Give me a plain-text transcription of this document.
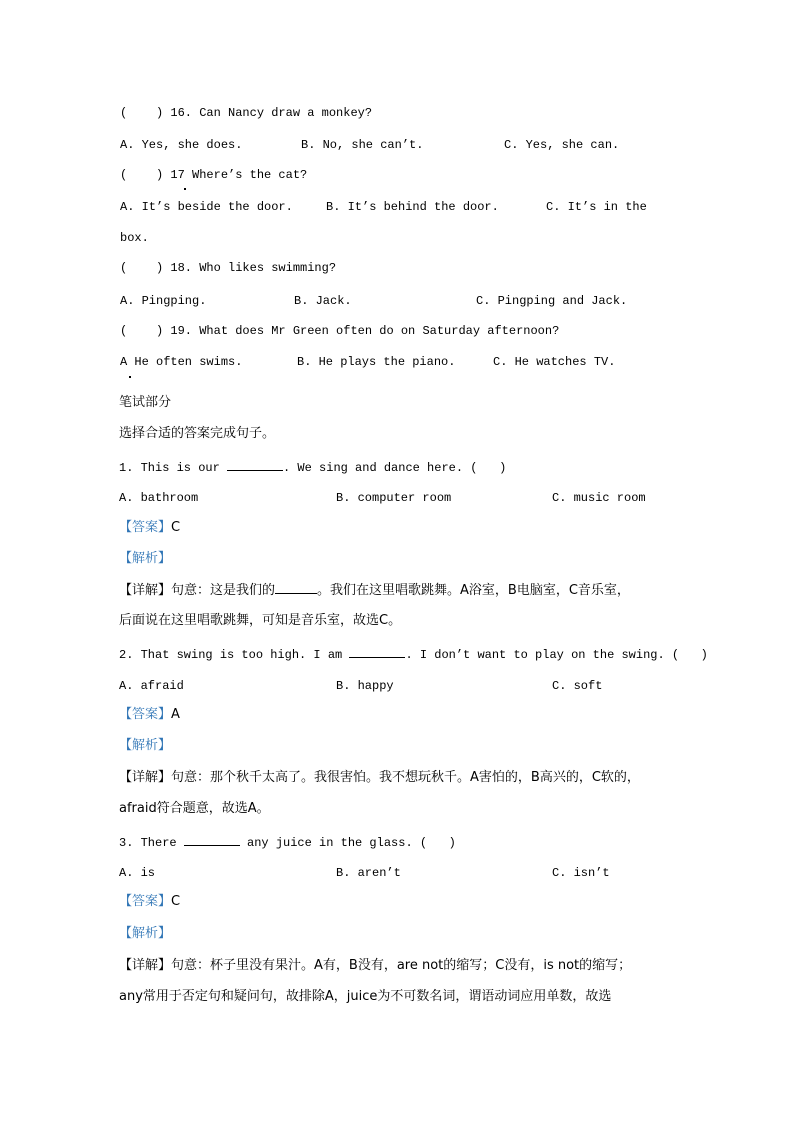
(    ) 16. Can Nancy draw a monkey?
A. Yes, she does.	B. No, she can’t.	C. Yes, she can.
(    ) 17 Where’s the cat?
A. It’s beside the door.	B. It’s behind the door.	C. It’s in the
box.
(    ) 18. Who likes swimming?
A. Pingping.	B. Jack.	C. Pingping and Jack.
(    ) 19. What does Mr Green often do on Saturday afternoon?
A He often swims.	B. He plays the piano.	C. He watches TV.
笔试部分
选择合适的答案完成句子。
1. This is our	. We sing and dance here. (   )
A. bathroom	B. computer room	C. music room
【答案】C
【解析】
【详解】句意：这是我们的	。我们在这里唱歌跳舞。A浴室，B电脑室，C音乐室，
后面说在这里唱歌跳舞，可知是音乐室，故选C。
2. That swing is too high. I am	. I don’t want to play on the swing. (   )
A. afraid	B. happy	C. soft
【答案】A
【解析】
【详解】句意：那个秋千太高了。我很害怕。我不想玩秋千。A害怕的，B高兴的，C软的，
afraid符合题意，故选A。
3. There	any juice in the glass. (   )
A. is	B. aren’t	C. isn’t
【答案】C
【解析】
【详解】句意：杯子里没有果汁。A有，B没有，are not的缩写；C没有，is not的缩写；
any常用于否定句和疑问句，故排除A，juice为不可数名词，谓语动词应用单数，故选
